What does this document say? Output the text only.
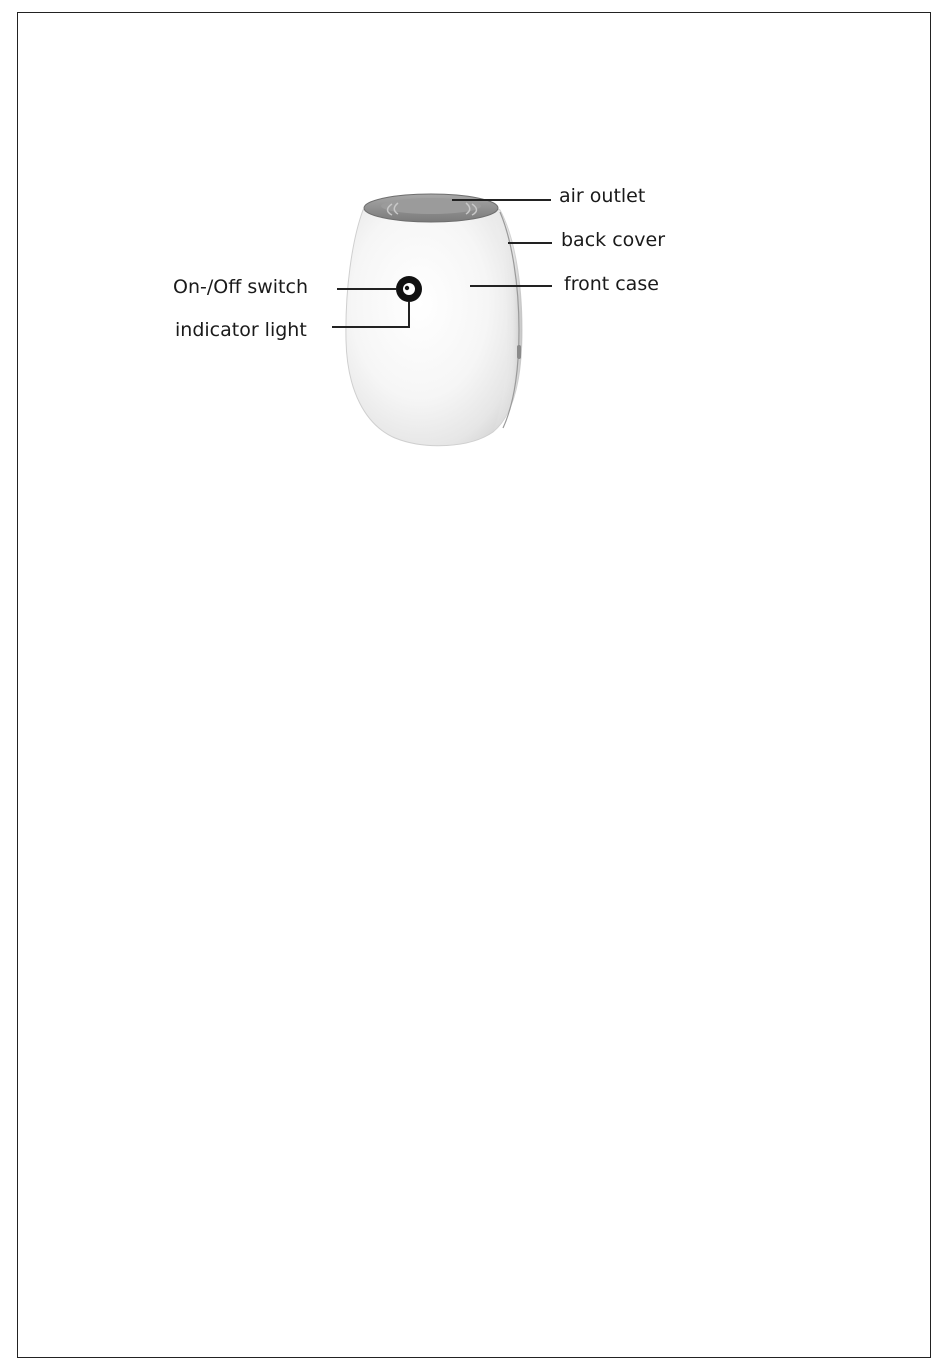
air outlet
back cover
front case
On-/Off switch
indicator light
